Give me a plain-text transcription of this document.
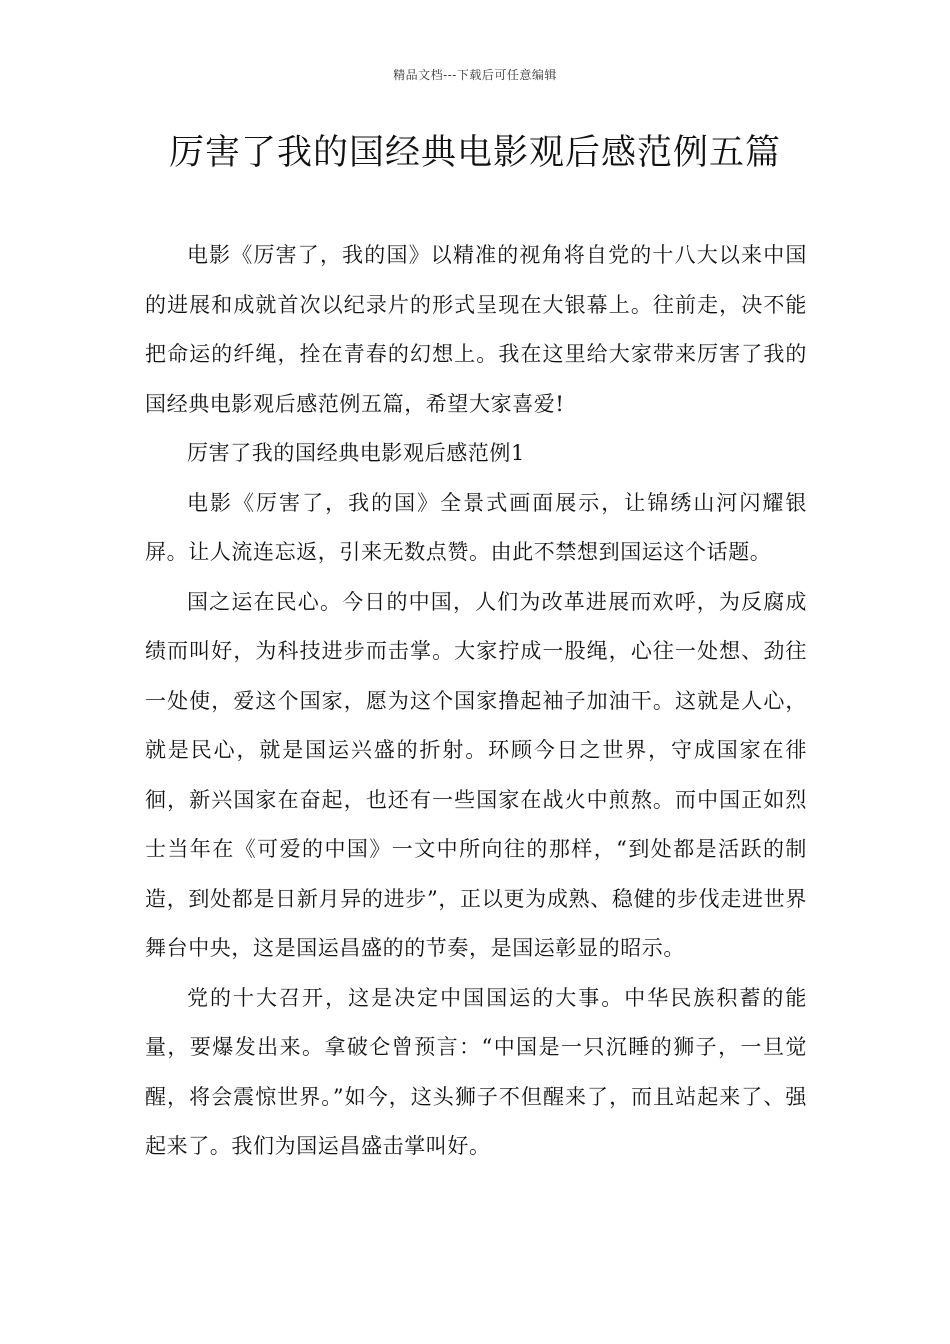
精品文档---下载后可任意编辑
厉害了我的国经典电影观后感范例五篇

电影《厉害了，我的国》以精准的视角将自党的十八大以来中国的进展和成就首次以纪录片的形式呈现在大银幕上。往前走，决不能把命运的纤绳，拴在青春的幻想上。我在这里给大家带来厉害了我的国经典电影观后感范例五篇，希望大家喜爱!

厉害了我的国经典电影观后感范例1

电影《厉害了，我的国》全景式画面展示，让锦绣山河闪耀银屏。让人流连忘返，引来无数点赞。由此不禁想到国运这个话题。

国之运在民心。今日的中国，人们为改革进展而欢呼，为反腐成绩而叫好，为科技进步而击掌。大家拧成一股绳，心往一处想、劲往一处使，爱这个国家，愿为这个国家撸起袖子加油干。这就是人心，就是民心，就是国运兴盛的折射。环顾今日之世界，守成国家在徘徊，新兴国家在奋起，也还有一些国家在战火中煎熬。而中国正如烈士当年在《可爱的中国》一文中所向往的那样，“到处都是活跃的制造，到处都是日新月异的进步”，正以更为成熟、稳健的步伐走进世界舞台中央，这是国运昌盛的的节奏，是国运彰显的昭示。

党的十大召开，这是决定中国国运的大事。中华民族积蓄的能量，要爆发出来。拿破仑曾预言：“中国是一只沉睡的狮子，一旦觉醒，将会震惊世界。”如今，这头狮子不但醒来了，而且站起来了、强起来了。我们为国运昌盛击掌叫好。
